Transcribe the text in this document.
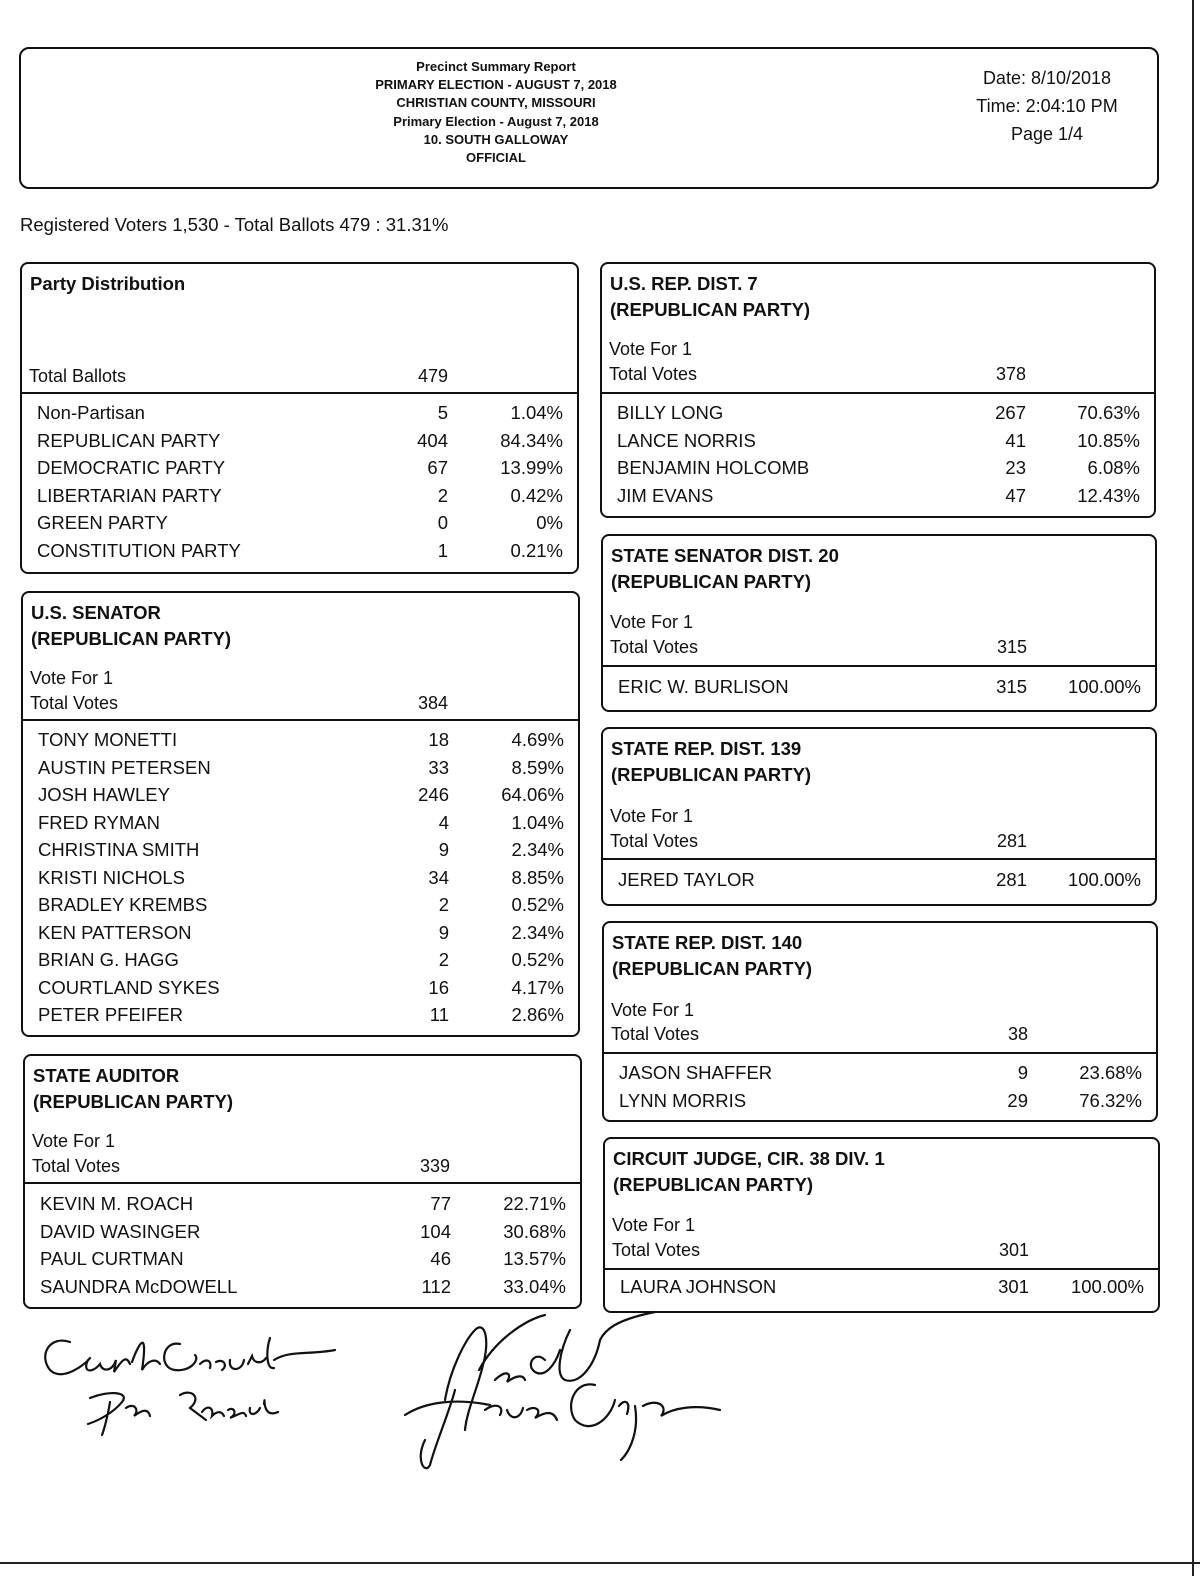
Precinct Summary Report
PRIMARY ELECTION - AUGUST 7, 2018
CHRISTIAN COUNTY, MISSOURI
Primary Election - August 7, 2018
10. SOUTH GALLOWAY
OFFICIAL
Date: 8/10/2018
Time: 2:04:10 PM
Page 1/4
Registered Voters 1,530 - Total Ballots 479 : 31.31%
Party Distribution
Total Ballots	479
Non-Partisan	5	1.04%
REPUBLICAN PARTY	404	84.34%
DEMOCRATIC PARTY	67	13.99%
LIBERTARIAN PARTY	2	0.42%
GREEN PARTY	0	0%
CONSTITUTION PARTY	1	0.21%
U.S. SENATOR
(REPUBLICAN PARTY)
Vote For 1
Total Votes	384
TONY MONETTI	18	4.69%
AUSTIN PETERSEN	33	8.59%
JOSH HAWLEY	246	64.06%
FRED RYMAN	4	1.04%
CHRISTINA SMITH	9	2.34%
KRISTI NICHOLS	34	8.85%
BRADLEY KREMBS	2	0.52%
KEN PATTERSON	9	2.34%
BRIAN G. HAGG	2	0.52%
COURTLAND SYKES	16	4.17%
PETER PFEIFER	11	2.86%
STATE AUDITOR
(REPUBLICAN PARTY)
Vote For 1
Total Votes	339
KEVIN M. ROACH	77	22.71%
DAVID WASINGER	104	30.68%
PAUL CURTMAN	46	13.57%
SAUNDRA McDOWELL	112	33.04%
U.S. REP. DIST. 7
(REPUBLICAN PARTY)
Vote For 1
Total Votes	378
BILLY LONG	267	70.63%
LANCE NORRIS	41	10.85%
BENJAMIN HOLCOMB	23	6.08%
JIM EVANS	47	12.43%
STATE SENATOR DIST. 20
(REPUBLICAN PARTY)
Vote For 1
Total Votes	315
ERIC W. BURLISON	315	100.00%
STATE REP. DIST. 139
(REPUBLICAN PARTY)
Vote For 1
Total Votes	281
JERED TAYLOR	281	100.00%
STATE REP. DIST. 140
(REPUBLICAN PARTY)
Vote For 1
Total Votes	38
JASON SHAFFER	9	23.68%
LYNN MORRIS	29	76.32%
CIRCUIT JUDGE, CIR. 38 DIV. 1
(REPUBLICAN PARTY)
Vote For 1
Total Votes	301
LAURA JOHNSON	301	100.00%
